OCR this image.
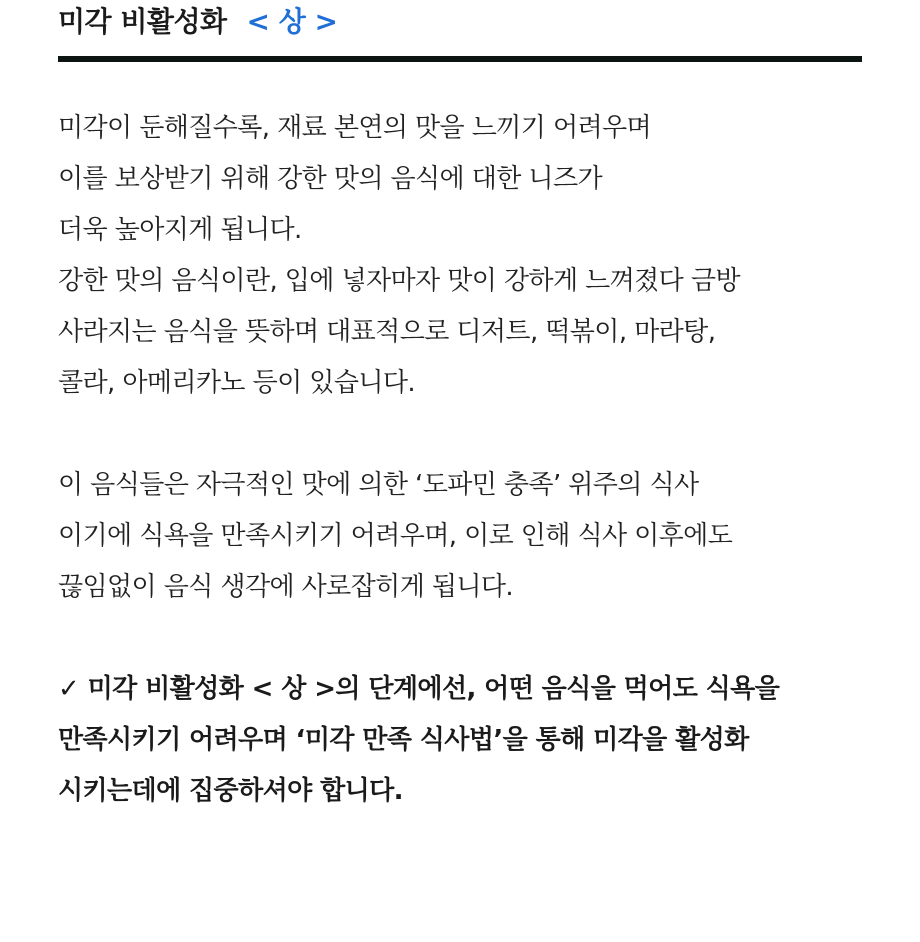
미각 비활성화 < 상 >
미각이 둔해질수록, 재료 본연의 맛을 느끼기 어려우며
이를 보상받기 위해 강한 맛의 음식에 대한 니즈가
더욱 높아지게 됩니다.
강한 맛의 음식이란, 입에 넣자마자 맛이 강하게 느껴졌다 금방
사라지는 음식을 뜻하며 대표적으로 디저트, 떡볶이, 마라탕,
콜라, 아메리카노 등이 있습니다.
이 음식들은 자극적인 맛에 의한 ‘도파민 충족’ 위주의 식사
이기에 식욕을 만족시키기 어려우며, 이로 인해 식사 이후에도
끊임없이 음식 생각에 사로잡히게 됩니다.
✓ 미각 비활성화 < 상 >의 단계에선, 어떤 음식을 먹어도 식욕을
만족시키기 어려우며 ‘미각 만족 식사법’을 통해 미각을 활성화
시키는데에 집중하셔야 합니다.
